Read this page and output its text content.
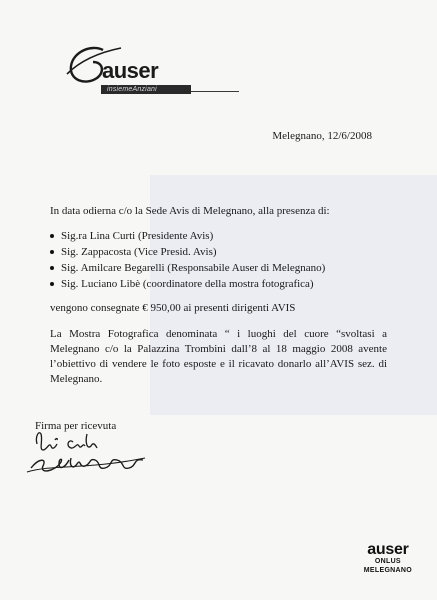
auser
insiemeAnziani
Melegnano, 12/6/2008
In data odierna c/o la Sede Avis di Melegnano, alla presenza di:
Sig.ra Lina Curti (Presidente Avis)
Sig. Zappacosta (Vice Presid. Avis)
Sig. Amilcare Begarelli (Responsabile Auser di Melegnano)
Sig. Luciano Libè (coordinatore della mostra fotografica)
vengono consegnate € 950,00 ai presenti dirigenti AVIS

La Mostra Fotografica denominata “ i luoghi del cuore “svoltasi a Melegnano c/o la Palazzina Trombini dall’8 al 18 maggio 2008 avente l’obiettivo di vendere le foto esposte e il ricavato donarlo all’AVIS sez. di Melegnano.

Firma per ricevuta
auser
ONLUS
MELEGNANO
